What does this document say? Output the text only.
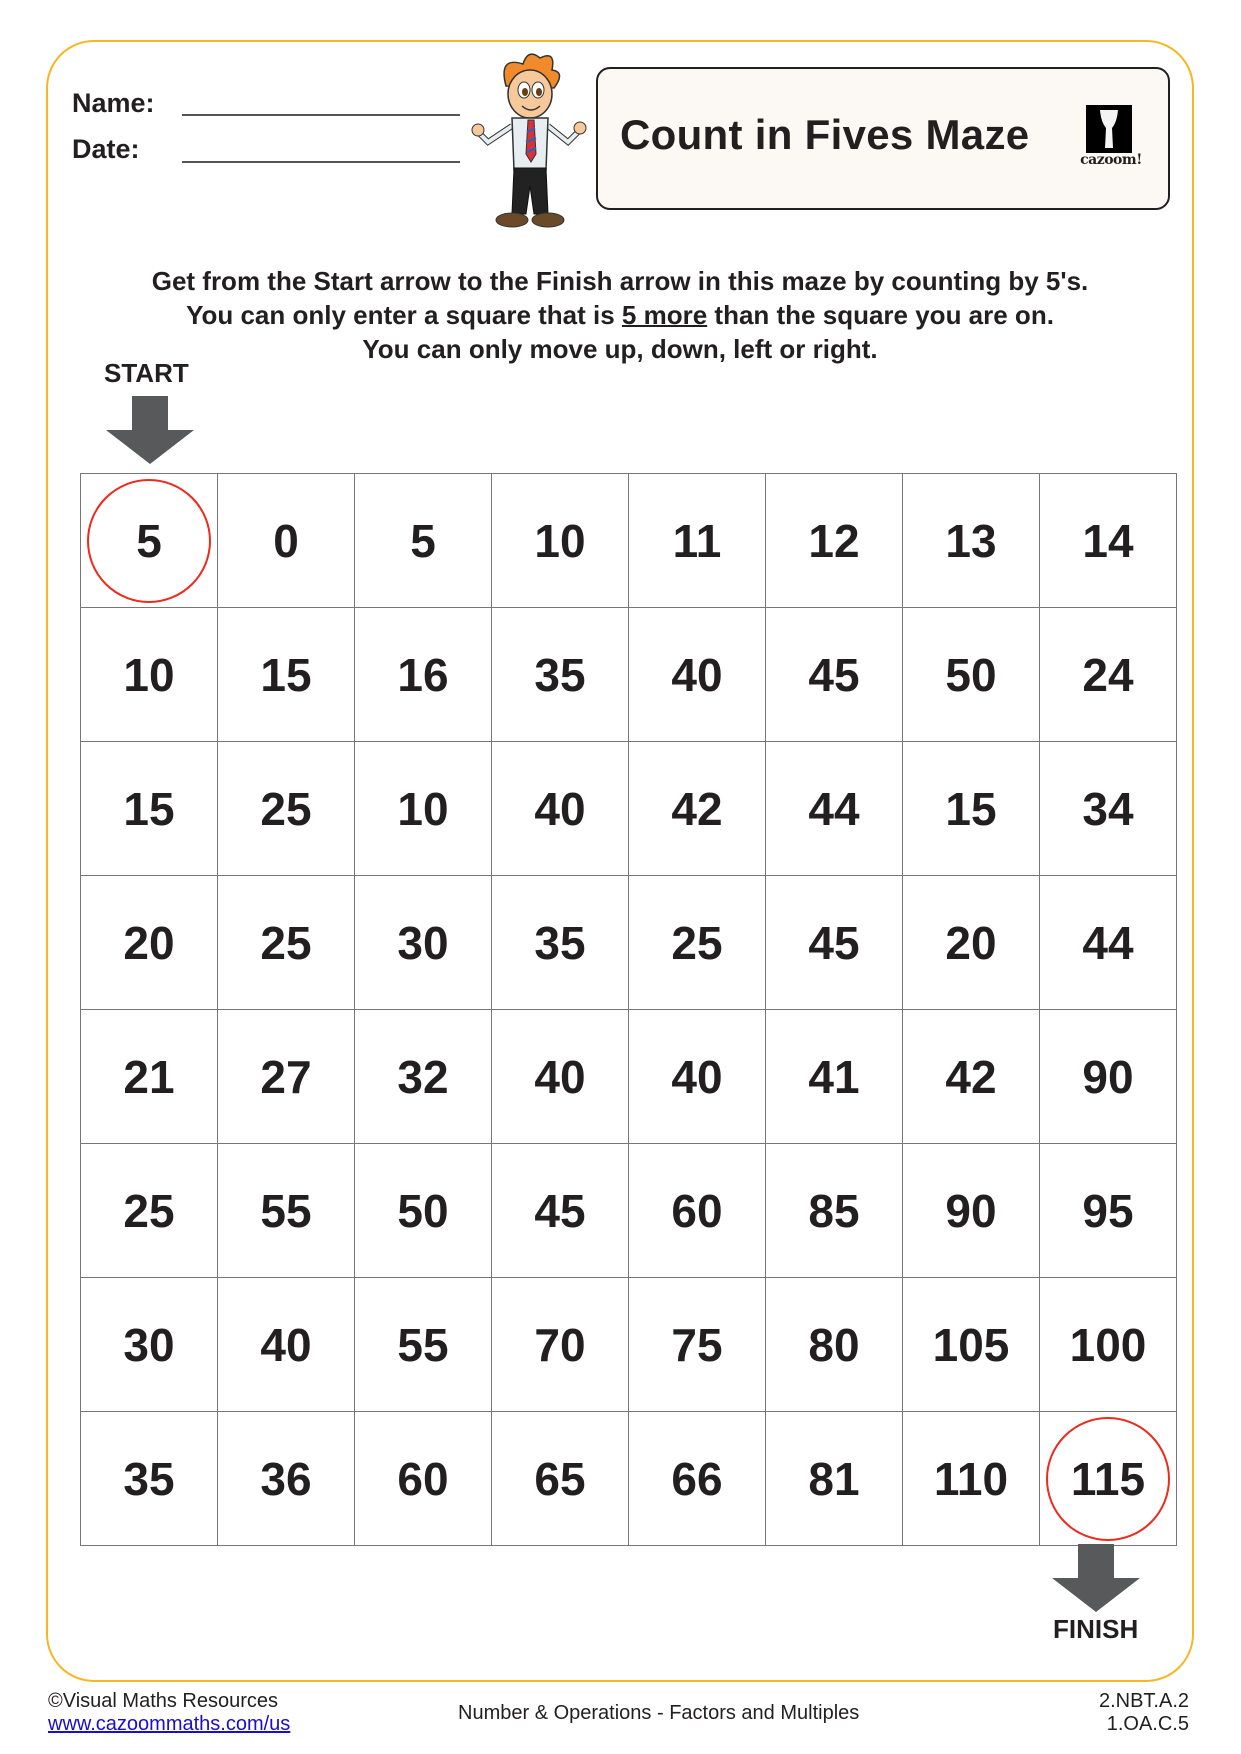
Name:
Date:	Count in Fives Maze
cazoom!
Get from the Start arrow to the Finish arrow in this maze by counting by 5's.
You can only enter a square that is 5 more than the square you are on.
You can only move up, down, left or right.
START
5	0	5	10	11	12	13	14
10	15	16	35	40	45	50	24
15	25	10	40	42	44	15	34
20	25	30	35	25	45	20	44
21	27	32	40	40	41	42	90
25	55	50	45	60	85	90	95
30	40	55	70	75	80	105	100
35	36	60	65	66	81	110	115
FINISH
©Visual Maths Resources
www.cazoommaths.com/us	Number & Operations - Factors and Multiples
2.NBT.A.2
1.OA.C.5
